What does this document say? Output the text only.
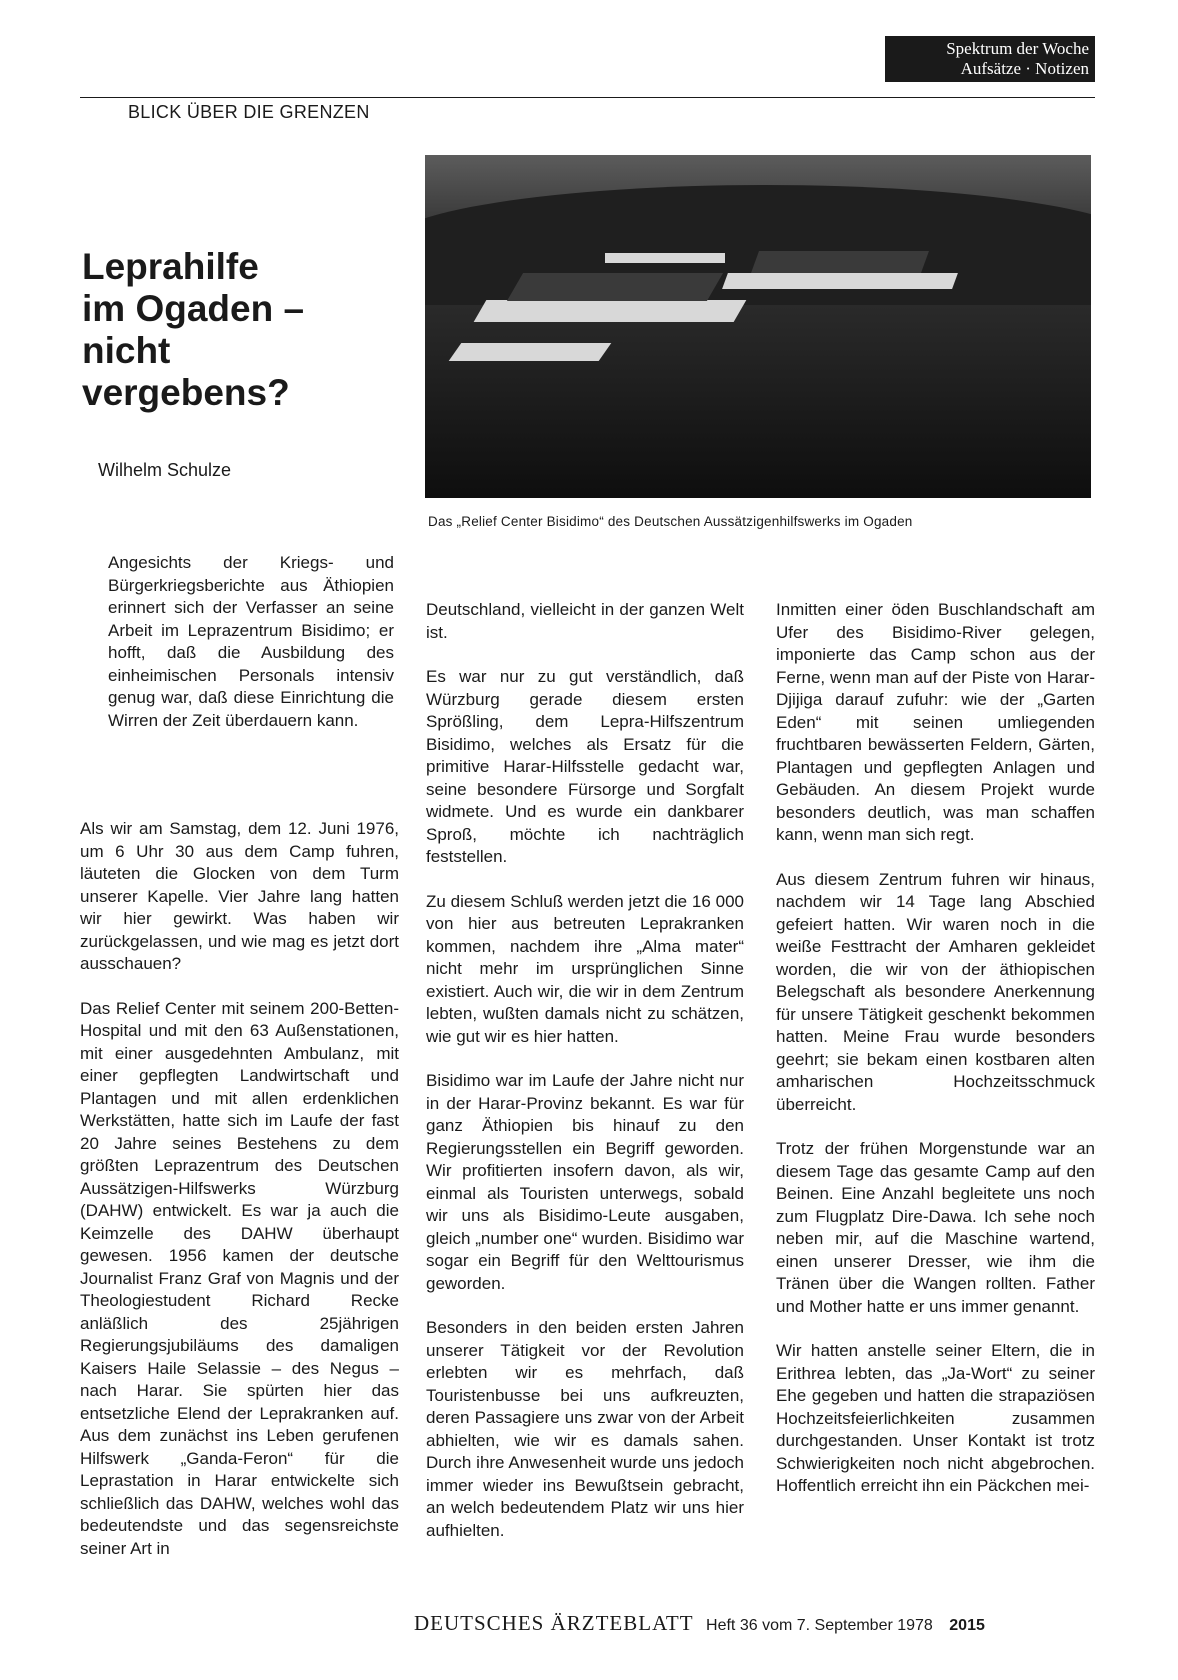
Spektrum der Woche
Aufsätze · Notizen
BLICK ÜBER DIE GRENZEN
Leprahilfe
im Ogaden –
nicht
vergebens?
Wilhelm Schulze
Das „Relief Center Bisidimo“ des Deutschen Aussätzigenhilfswerks im Ogaden

Angesichts der Kriegs- und Bürgerkriegsberichte aus Äthiopien erinnert sich der Verfasser an seine Arbeit im Leprazentrum Bisidimo; er hofft, daß die Ausbildung des einheimischen Personals intensiv genug war, daß diese Einrichtung die Wirren der Zeit überdauern kann.

Als wir am Samstag, dem 12. Juni 1976, um 6 Uhr 30 aus dem Camp fuhren, läuteten die Glocken von dem Turm unserer Kapelle. Vier Jahre lang hatten wir hier gewirkt. Was haben wir zurückgelassen, und wie mag es jetzt dort ausschauen?

Das Relief Center mit seinem 200-Betten-Hospital und mit den 63 Außenstationen, mit einer ausgedehnten Ambulanz, mit einer gepflegten Landwirtschaft und Plantagen und mit allen erdenklichen Werkstätten, hatte sich im Laufe der fast 20 Jahre seines Bestehens zu dem größten Leprazentrum des Deutschen Aussätzigen-Hilfswerks Würzburg (DAHW) entwickelt. Es war ja auch die Keimzelle des DAHW überhaupt gewesen. 1956 kamen der deutsche Journalist Franz Graf von Magnis und der Theologiestudent Richard Recke anläßlich des 25jährigen Regierungsjubiläums des damaligen Kaisers Haile Selassie – des Negus – nach Harar. Sie spürten hier das entsetzliche Elend der Leprakranken auf. Aus dem zunächst ins Leben gerufenen Hilfswerk „Ganda-Feron“ für die Leprastation in Harar entwickelte sich schließlich das DAHW, welches wohl das bedeutendste und das segensreichste seiner Art in

Deutschland, vielleicht in der ganzen Welt ist.

Es war nur zu gut verständlich, daß Würzburg gerade diesem ersten Sprößling, dem Lepra-Hilfszentrum Bisidimo, welches als Ersatz für die primitive Harar-Hilfsstelle gedacht war, seine besondere Fürsorge und Sorgfalt widmete. Und es wurde ein dankbarer Sproß, möchte ich nachträglich feststellen.

Zu diesem Schluß werden jetzt die 16 000 von hier aus betreuten Leprakranken kommen, nachdem ihre „Alma mater“ nicht mehr im ursprünglichen Sinne existiert. Auch wir, die wir in dem Zentrum lebten, wußten damals nicht zu schätzen, wie gut wir es hier hatten.

Bisidimo war im Laufe der Jahre nicht nur in der Harar-Provinz bekannt. Es war für ganz Äthiopien bis hinauf zu den Regierungsstellen ein Begriff geworden. Wir profitierten insofern davon, als wir, einmal als Touristen unterwegs, sobald wir uns als Bisidimo-Leute ausgaben, gleich „number one“ wurden. Bisidimo war sogar ein Begriff für den Welttourismus geworden.

Besonders in den beiden ersten Jahren unserer Tätigkeit vor der Revolution erlebten wir es mehrfach, daß Touristenbusse bei uns aufkreuzten, deren Passagiere uns zwar von der Arbeit abhielten, wie wir es damals sahen. Durch ihre Anwesenheit wurde uns jedoch immer wieder ins Bewußtsein gebracht, an welch bedeutendem Platz wir uns hier aufhielten.

Inmitten einer öden Buschlandschaft am Ufer des Bisidimo-River gelegen, imponierte das Camp schon aus der Ferne, wenn man auf der Piste von Harar-Djijiga darauf zufuhr: wie der „Garten Eden“ mit seinen umliegenden fruchtbaren bewässerten Feldern, Gärten, Plantagen und gepflegten Anlagen und Gebäuden. An diesem Projekt wurde besonders deutlich, was man schaffen kann, wenn man sich regt.

Aus diesem Zentrum fuhren wir hinaus, nachdem wir 14 Tage lang Abschied gefeiert hatten. Wir waren noch in die weiße Festtracht der Amharen gekleidet worden, die wir von der äthiopischen Belegschaft als besondere Anerkennung für unsere Tätigkeit geschenkt bekommen hatten. Meine Frau wurde besonders geehrt; sie bekam einen kostbaren alten amharischen Hochzeitsschmuck überreicht.

Trotz der frühen Morgenstunde war an diesem Tage das gesamte Camp auf den Beinen. Eine Anzahl begleitete uns noch zum Flugplatz Dire-Dawa. Ich sehe noch neben mir, auf die Maschine wartend, einen unserer Dresser, wie ihm die Tränen über die Wangen rollten. Father und Mother hatte er uns immer genannt.

Wir hatten anstelle seiner Eltern, die in Erithrea lebten, das „Ja-Wort“ zu seiner Ehe gegeben und hatten die strapaziösen Hochzeitsfeierlichkeiten zusammen durchgestanden. Unser Kontakt ist trotz Schwierigkeiten noch nicht abgebrochen. Hoffentlich erreicht ihn ein Päckchen mei-

DEUTSCHES ÄRZTEBLATT Heft 36 vom 7. September 1978 2015
